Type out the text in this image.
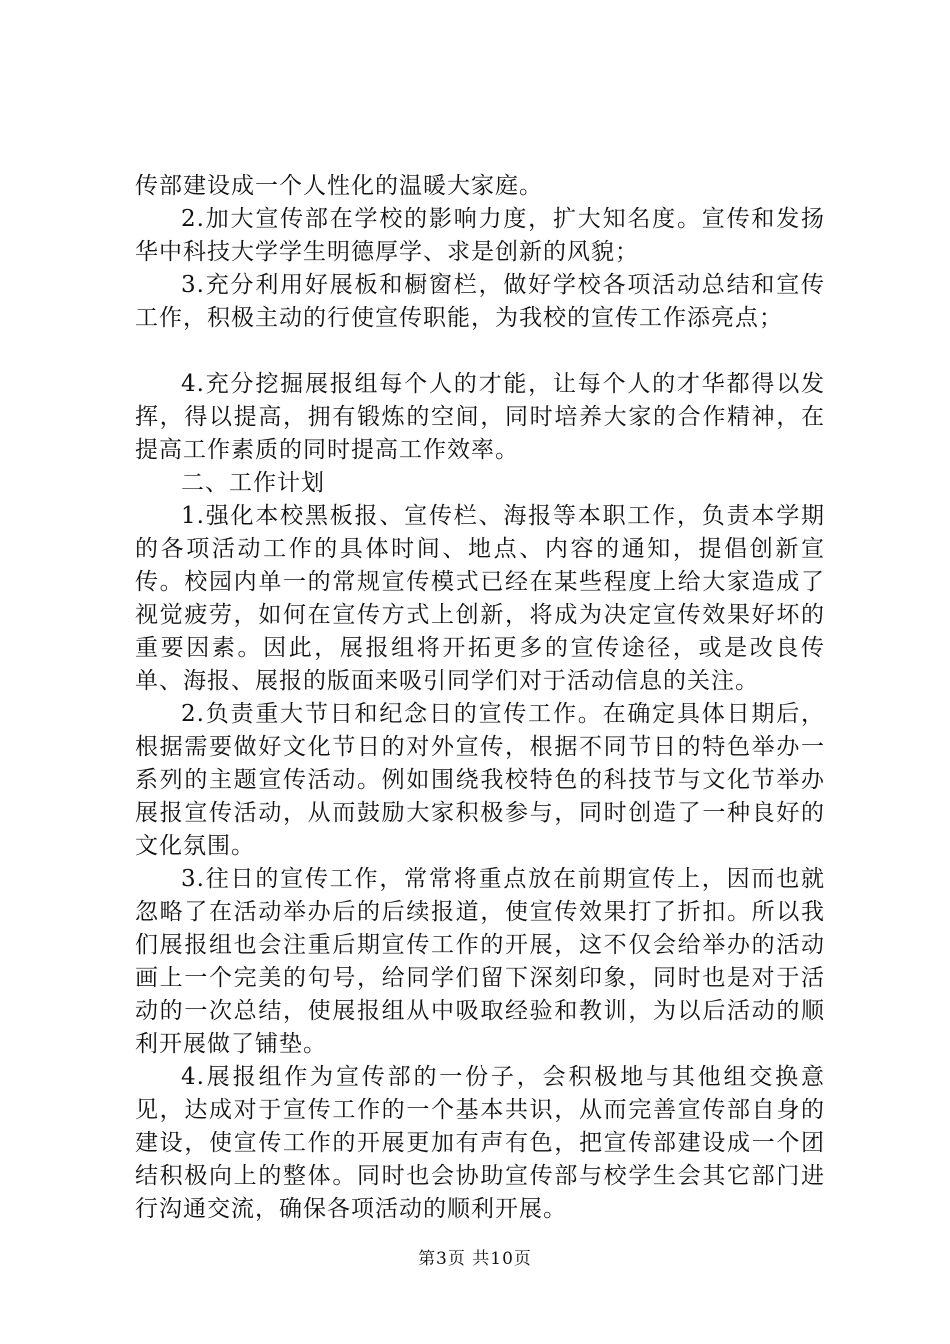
传部建设成一个人性化的温暖大家庭。

2.加大宣传部在学校的影响力度，扩大知名度。宣传和发扬华中科技大学学生明德厚学、求是创新的风貌；

3.充分利用好展板和橱窗栏，做好学校各项活动总结和宣传工作，积极主动的行使宣传职能，为我校的宣传工作添亮点；

4.充分挖掘展报组每个人的才能，让每个人的才华都得以发挥，得以提高，拥有锻炼的空间，同时培养大家的合作精神，在提高工作素质的同时提高工作效率。

二、工作计划

1.强化本校黑板报、宣传栏、海报等本职工作，负责本学期的各项活动工作的具体时间、地点、内容的通知，提倡创新宣传。校园内单一的常规宣传模式已经在某些程度上给大家造成了视觉疲劳，如何在宣传方式上创新，将成为决定宣传效果好坏的重要因素。因此，展报组将开拓更多的宣传途径，或是改良传单、海报、展报的版面来吸引同学们对于活动信息的关注。

2.负责重大节日和纪念日的宣传工作。在确定具体日期后，根据需要做好文化节日的对外宣传，根据不同节日的特色举办一系列的主题宣传活动。例如围绕我校特色的科技节与文化节举办展报宣传活动，从而鼓励大家积极参与，同时创造了一种良好的文化氛围。

3.往日的宣传工作，常常将重点放在前期宣传上，因而也就忽略了在活动举办后的后续报道，使宣传效果打了折扣。所以我们展报组也会注重后期宣传工作的开展，这不仅会给举办的活动画上一个完美的句号，给同学们留下深刻印象，同时也是对于活动的一次总结，使展报组从中吸取经验和教训，为以后活动的顺利开展做了铺垫。

4.展报组作为宣传部的一份子，会积极地与其他组交换意见，达成对于宣传工作的一个基本共识，从而完善宣传部自身的建设，使宣传工作的开展更加有声有色，把宣传部建设成一个团结积极向上的整体。同时也会协助宣传部与校学生会其它部门进行沟通交流，确保各项活动的顺利开展。

第3页 共10页
